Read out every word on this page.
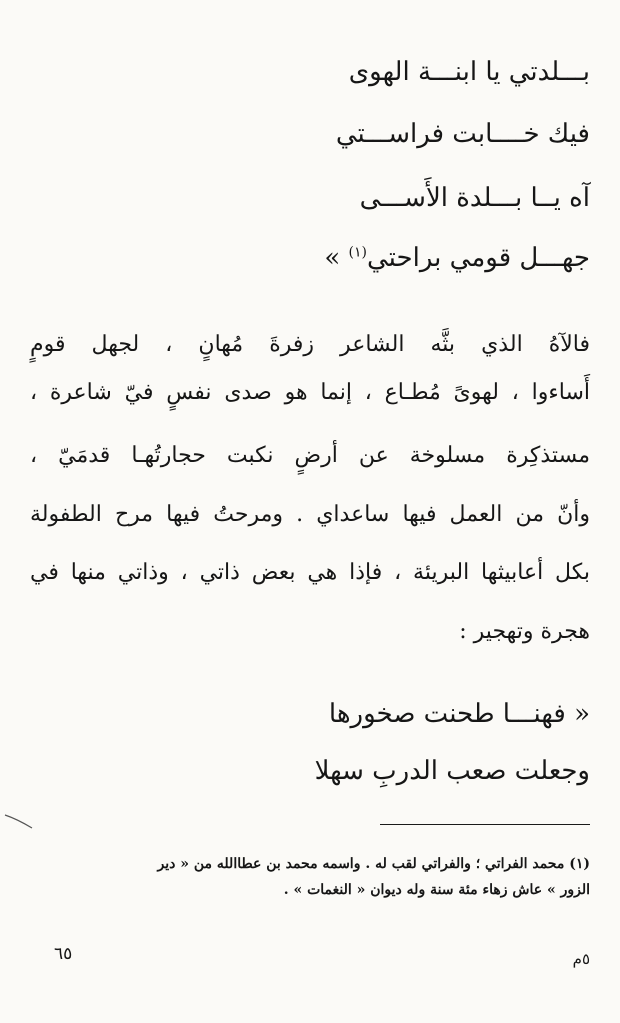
بـــلدتي يا ابنـــة الهوى
فيك خــــابت فراســـتي
آه يــا بـــلدة الأَســـى
جهـــل قومي براحتي$^{(١)}$ »
فالآهُ الذي بثَّه الشاعر زفرةَ مُهانٍ ، لجهل قومٍ
أَساءوا ، لهوىً مُطـاع ، إنما هو صدى نفسٍ فيّ شاعرة ،
مستذكِرة مسلوخة عن أرضٍ نكبت حجارتُهـا قدمَيّ ،
وأنّ من العمل فيها ساعداي . ومرحتُ فيها مرح الطفولة
بكل أعابيثها البريئة ، فإذا هي بعض ذاتي ، وذاتي منها في
هجرة وتهجير :
« فهنـــا طحنت صخورها
وجعلت صعب الدربِ سهلا
(١) محمد الفراتي ؛ والفراتي لقب له . واسمه محمد بن عطاالله من « دير
الزور » عاش زهاء مئة سنة وله ديوان « النغمات » .
٦٥	٥م
